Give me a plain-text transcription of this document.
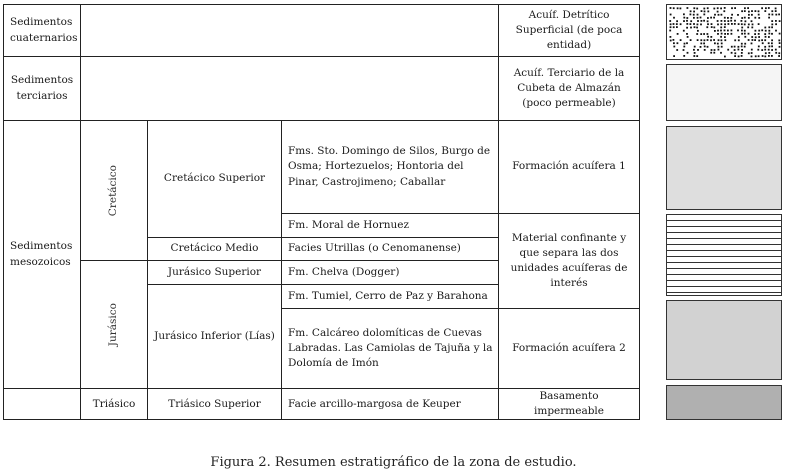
Sedimentos cuaternarios				Acuíf. Detrítico Superficial (de poca entidad)
Sedimentos terciarios				Acuíf. Terciario de la Cubeta de Almazán (poco permeable)
Sedimentos mesozoicos	Cretácico	Cretácico Superior	Fms. Sto. Domingo de Silos, Burgo de Osma; Hortezuelos; Hontoria del Pinar, Castrojimeno; Caballar	Formación acuífera 1
			Fm. Moral de Hornuez	Material confinante y que separa las dos unidades acuíferas de interés
		Cretácico Medio	Facies Utrillas (o Cenomanense)	
	Jurásico	Jurásico Superior	Fm. Chelva (Dogger)	
		Jurásico Inferior (Lías)	Fm. Tumiel, Cerro de Paz y Barahona	
			Fm. Calcáreo dolomíticas de Cuevas Labradas. Las Camiolas de Tajuña y la Dolomía de Imón	Formación acuífera 2
	Triásico	Triásico Superior	Facie arcillo-margosa de Keuper	Basamento impermeable
Figura 2. Resumen estratigráfico de la zona de estudio.
